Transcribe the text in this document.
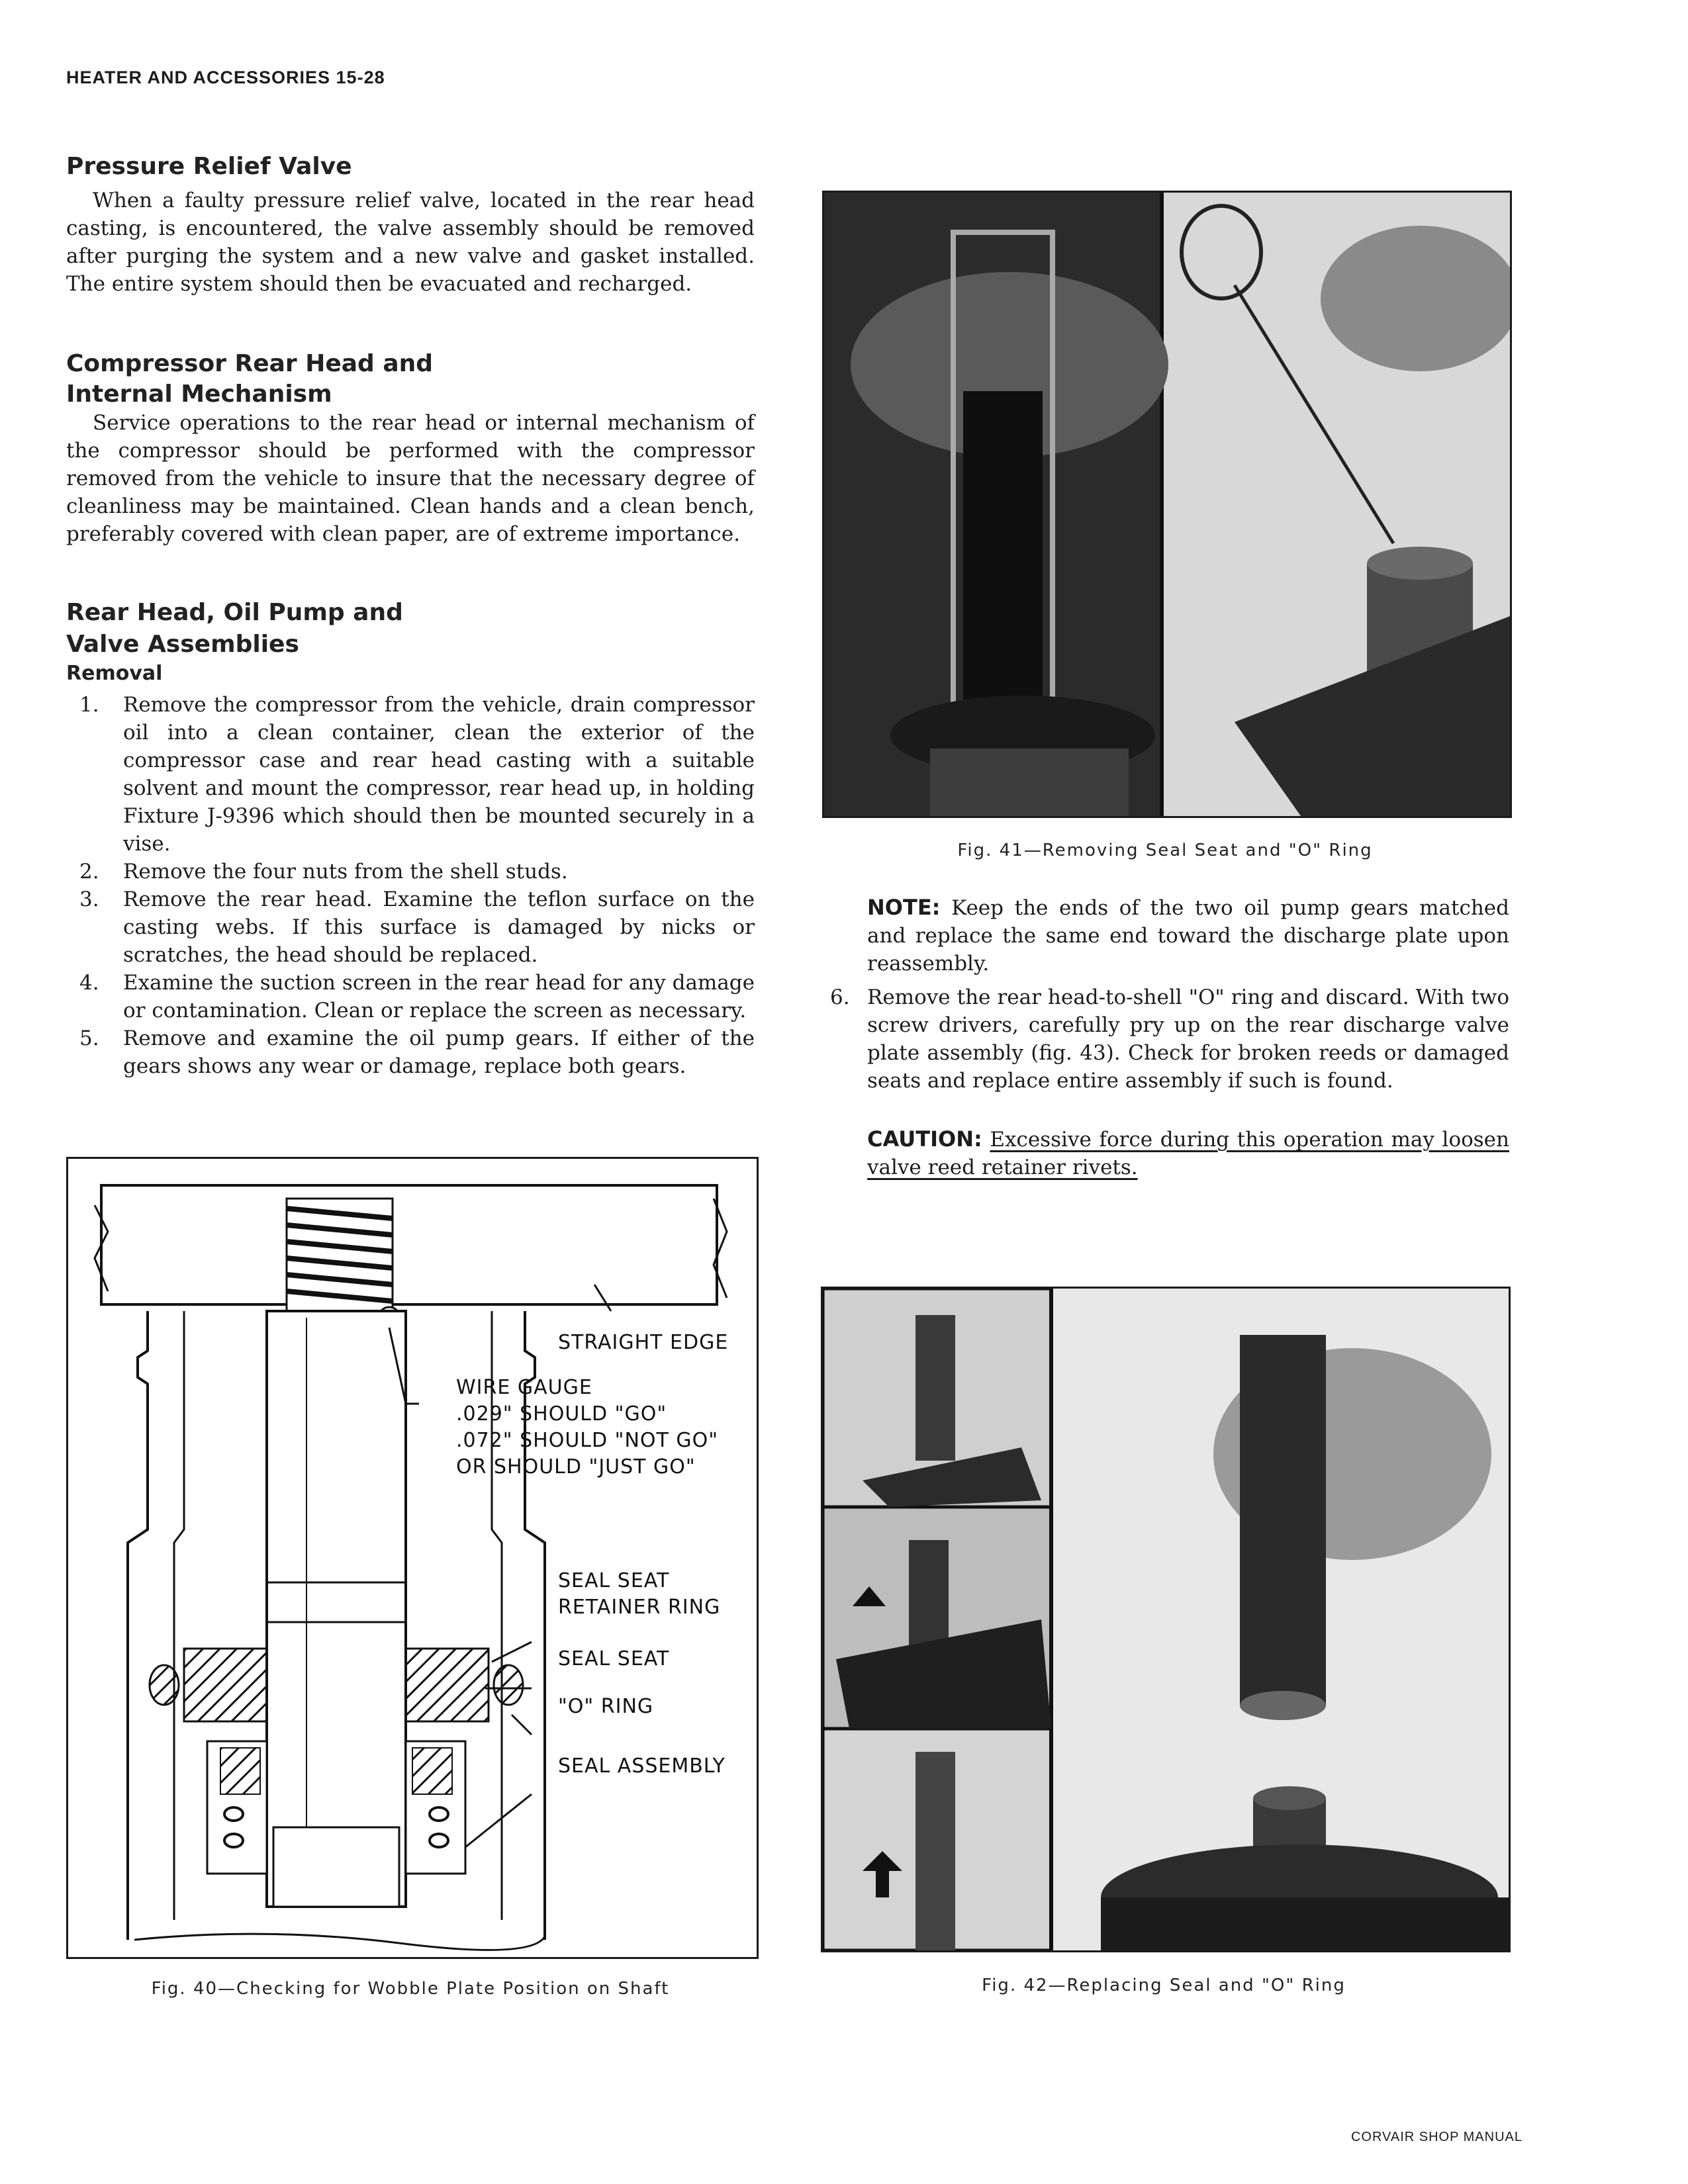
HEATER AND ACCESSORIES 15-28
Pressure Relief Valve
When a faulty pressure relief valve, located in the rear head casting, is encountered, the valve assembly should be removed after purging the system and a new valve and gasket installed. The entire system should then be evacuated and recharged.
Compressor Rear Head and
Internal Mechanism
Service operations to the rear head or internal mechanism of the compressor should be performed with the compressor removed from the vehicle to insure that the necessary degree of cleanliness may be maintained. Clean hands and a clean bench, preferably covered with clean paper, are of extreme importance.
Rear Head, Oil Pump and
Valve Assemblies
Removal
1. Remove the compressor from the vehicle, drain compressor oil into a clean container, clean the exterior of the compressor case and rear head casting with a suitable solvent and mount the compressor, rear head up, in holding Fixture J-9396 which should then be mounted securely in a vise.
2. Remove the four nuts from the shell studs.
3. Remove the rear head. Examine the teflon surface on the casting webs. If this surface is damaged by nicks or scratches, the head should be replaced.
4. Examine the suction screen in the rear head for any damage or contamination. Clean or replace the screen as necessary.
5. Remove and examine the oil pump gears. If either of the gears shows any wear or damage, replace both gears.
STRAIGHT EDGE
WIRE GAUGE
.029" SHOULD "GO"
.072" SHOULD "NOT GO"
OR SHOULD "JUST GO"
SEAL SEAT
RETAINER RING
SEAL SEAT
"O" RING
SEAL ASSEMBLY
Fig. 40—Checking for Wobble Plate Position on Shaft
Fig. 41—Removing Seal Seat and "O" Ring
NOTE: Keep the ends of the two oil pump gears matched and replace the same end toward the discharge plate upon reassembly.
6. Remove the rear head-to-shell "O" ring and discard. With two screw drivers, carefully pry up on the rear discharge valve plate assembly (fig. 43). Check for broken reeds or damaged seats and replace entire assembly if such is found.
CAUTION: Excessive force during this operation may loosen valve reed retainer rivets.
Fig. 42—Replacing Seal and "O" Ring
CORVAIR SHOP MANUAL
